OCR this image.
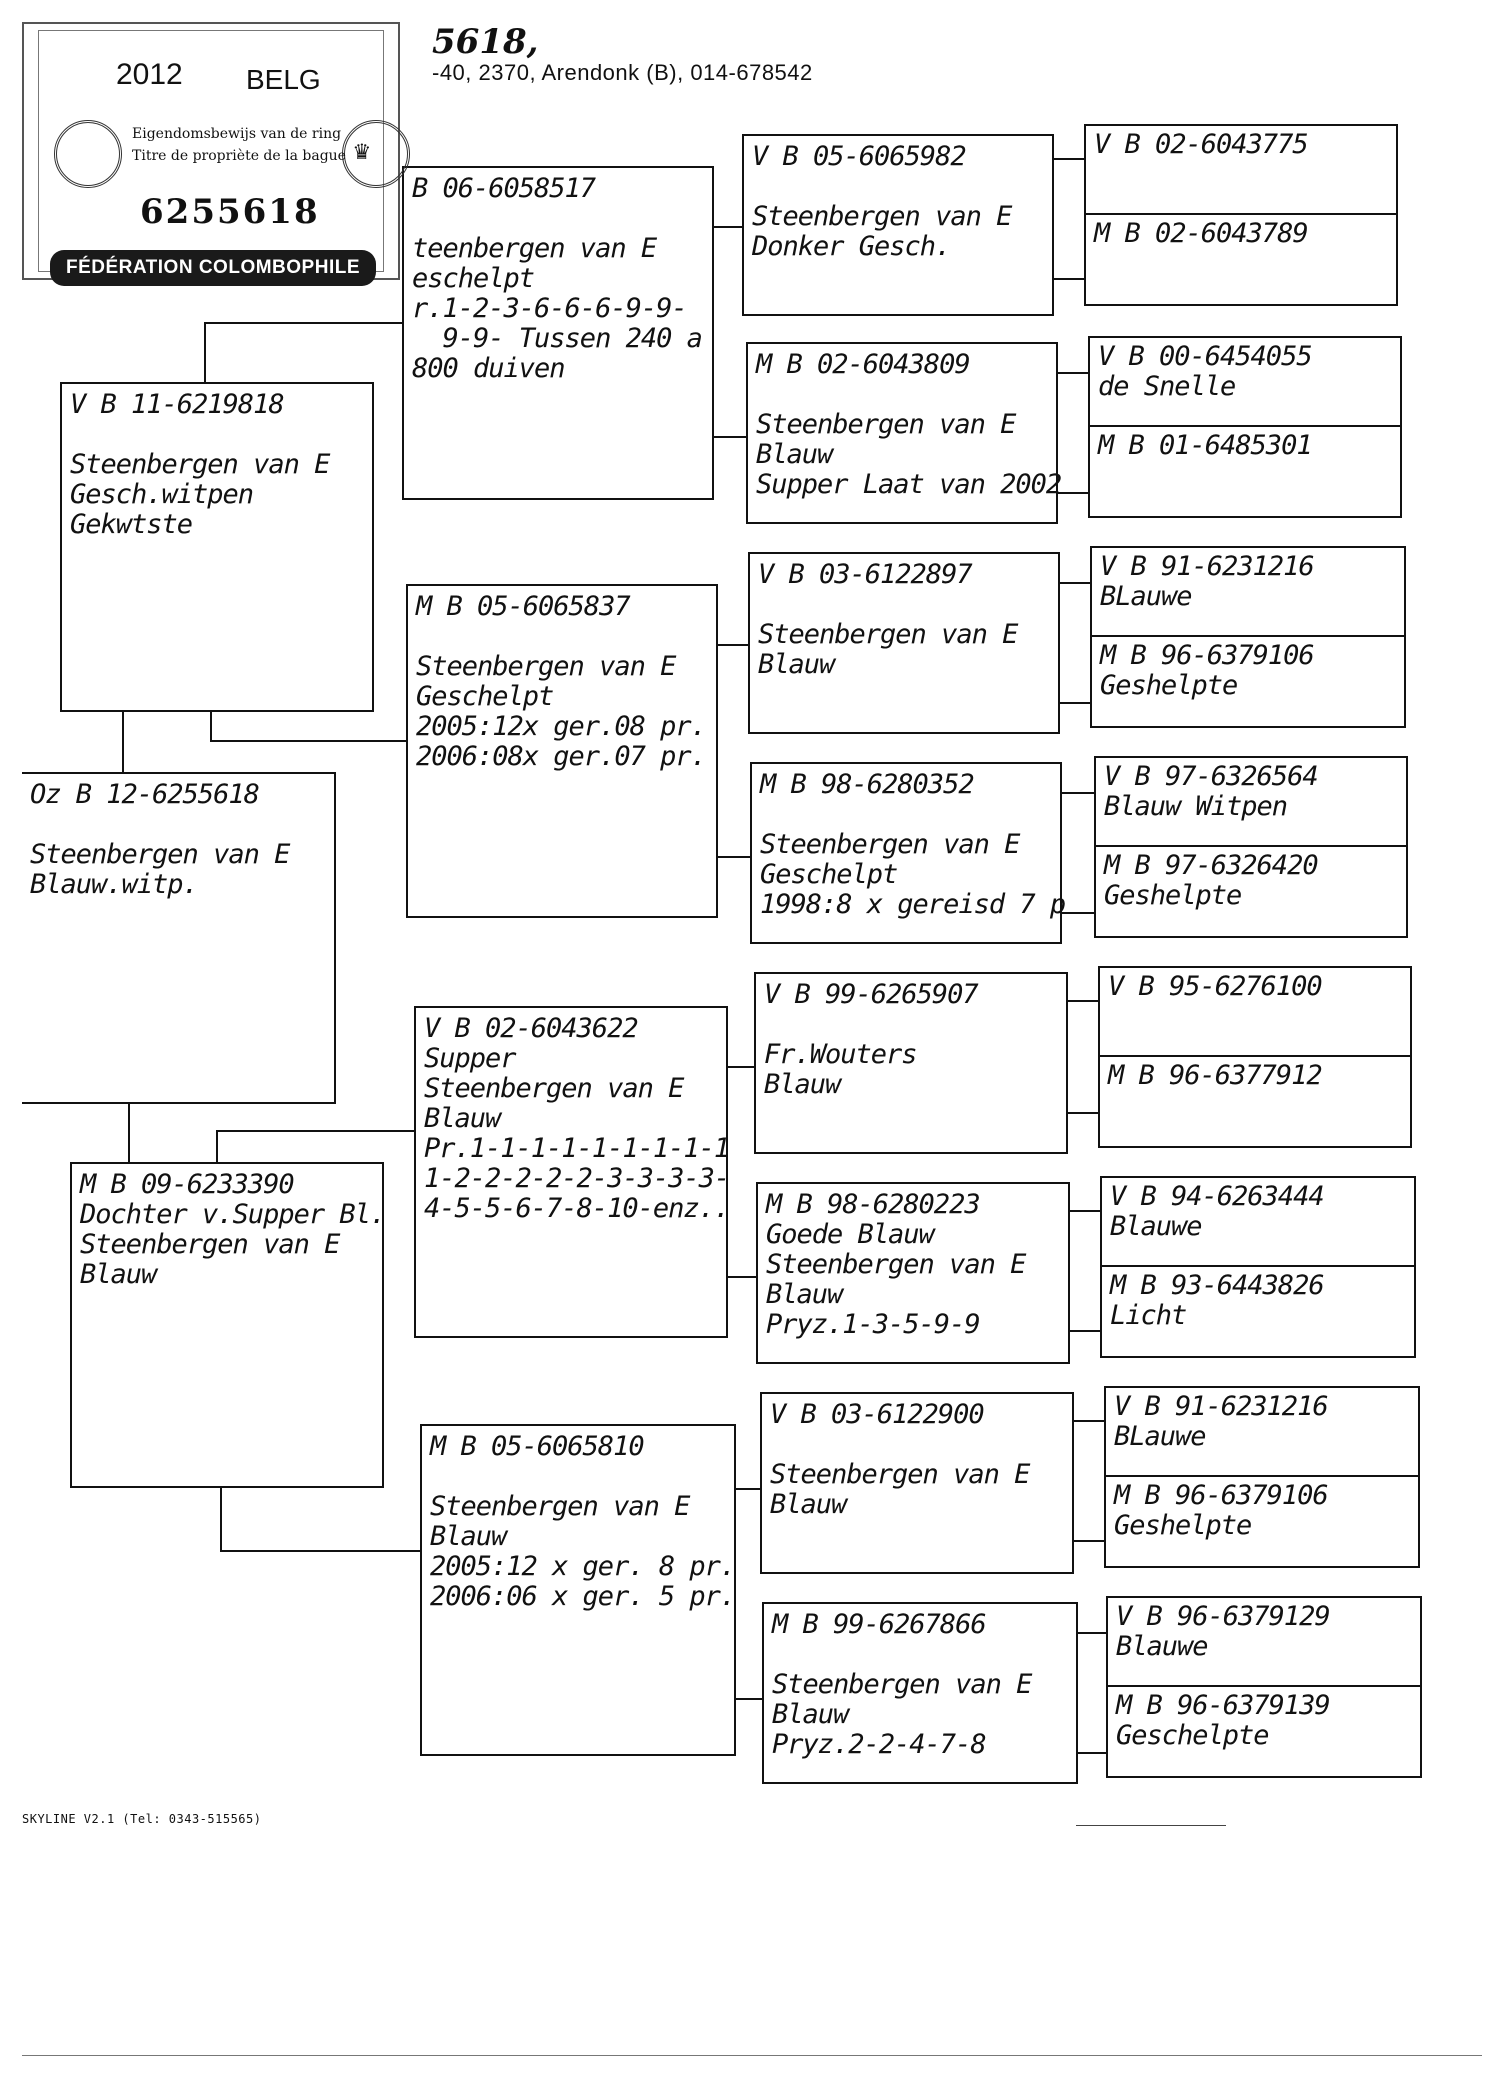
5618,
-40, 2370, Arendonk (B), 014-678542
Oz B 12-6255618

Steenbergen van E
Blauw.witp.
V B 11-6219818

Steenbergen van E
Gesch.witpen
Gekwtste
M B 09-6233390
Dochter v.Supper Bl.
Steenbergen van E
Blauw
B 06-6058517

teenbergen van E
eschelpt
r.1-2-3-6-6-6-9-9-
9-9- Tussen 240 a
800 duiven
M B 05-6065837

Steenbergen van E
Geschelpt
2005:12x ger.08 pr.
2006:08x ger.07 pr.
V B 02-6043622
Supper
Steenbergen van E
Blauw
Pr.1-1-1-1-1-1-1-1-1
1-2-2-2-2-2-3-3-3-3-
4-5-5-6-7-8-10-enz..
M B 05-6065810

Steenbergen van E
Blauw
2005:12 x ger. 8 pr.
2006:06 x ger. 5 pr.
V B 05-6065982

Steenbergen van E
Donker Gesch.
M B 02-6043809

Steenbergen van E
Blauw
Supper Laat van 2002
V B 03-6122897

Steenbergen van E
Blauw
M B 98-6280352

Steenbergen van E
Geschelpt
1998:8 x gereisd 7 p
V B 99-6265907

Fr.Wouters
Blauw
M B 98-6280223
Goede Blauw
Steenbergen van E
Blauw
Pryz.1-3-5-9-9
V B 03-6122900

Steenbergen van E
Blauw
M B 99-6267866

Steenbergen van E
Blauw
Pryz.2-2-4-7-8
V B 02-6043775
M B 02-6043789
V B 00-6454055
de Snelle
M B 01-6485301
V B 91-6231216
BLauwe
M B 96-6379106
Geshelpte
V B 97-6326564
Blauw Witpen
M B 97-6326420
Geshelpte
V B 95-6276100
M B 96-6377912
V B 94-6263444
Blauwe
M B 93-6443826
Licht
V B 91-6231216
BLauwe
M B 96-6379106
Geshelpte
V B 96-6379129
Blauwe
M B 96-6379139
Geschelpte
2012 BELG
♛
Eigendomsbewijs van de ring
Titre de propriète de la bague
6255618
FÉDÉRATION COLOMBOPHILE BELGE
SKYLINE V2.1 (Tel: 0343-515565)
